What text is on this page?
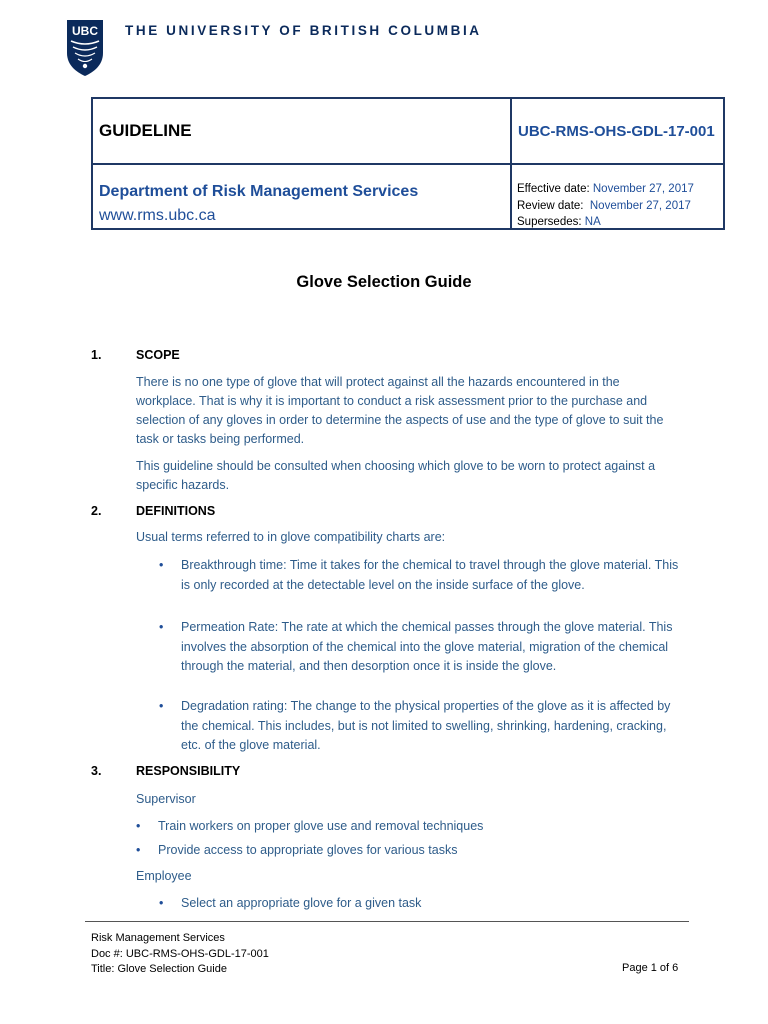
UBC THE UNIVERSITY OF BRITISH COLUMBIA
GUIDELINE	UBC-RMS-OHS-GDL-17-001
Department of Risk Management Services
www.rms.ubc.ca
Effective date: November 27, 2017
Review date: November 27, 2017
Supersedes: NA
Glove Selection Guide
1.	SCOPE
There is no one type of glove that will protect against all the hazards encountered in the workplace. That is why it is important to conduct a risk assessment prior to the purchase and selection of any gloves in order to determine the aspects of use and the type of glove to suit the task or tasks being performed.
This guideline should be consulted when choosing which glove to be worn to protect against a specific hazards.
2.	DEFINITIONS
Usual terms referred to in glove compatibility charts are:
• Breakthrough time: Time it takes for the chemical to travel through the glove material. This is only recorded at the detectable level on the inside surface of the glove.
• Permeation Rate: The rate at which the chemical passes through the glove material. This involves the absorption of the chemical into the glove material, migration of the chemical through the material, and then desorption once it is inside the glove.
• Degradation rating: The change to the physical properties of the glove as it is affected by the chemical. This includes, but is not limited to swelling, shrinking, hardening, cracking, etc. of the glove material.
3.	RESPONSIBILITY
Supervisor
• Train workers on proper glove use and removal techniques
• Provide access to appropriate gloves for various tasks
Employee
• Select an appropriate glove for a given task
Risk Management Services
Doc #: UBC-RMS-OHS-GDL-17-001
Title: Glove Selection Guide	Page 1 of 6
